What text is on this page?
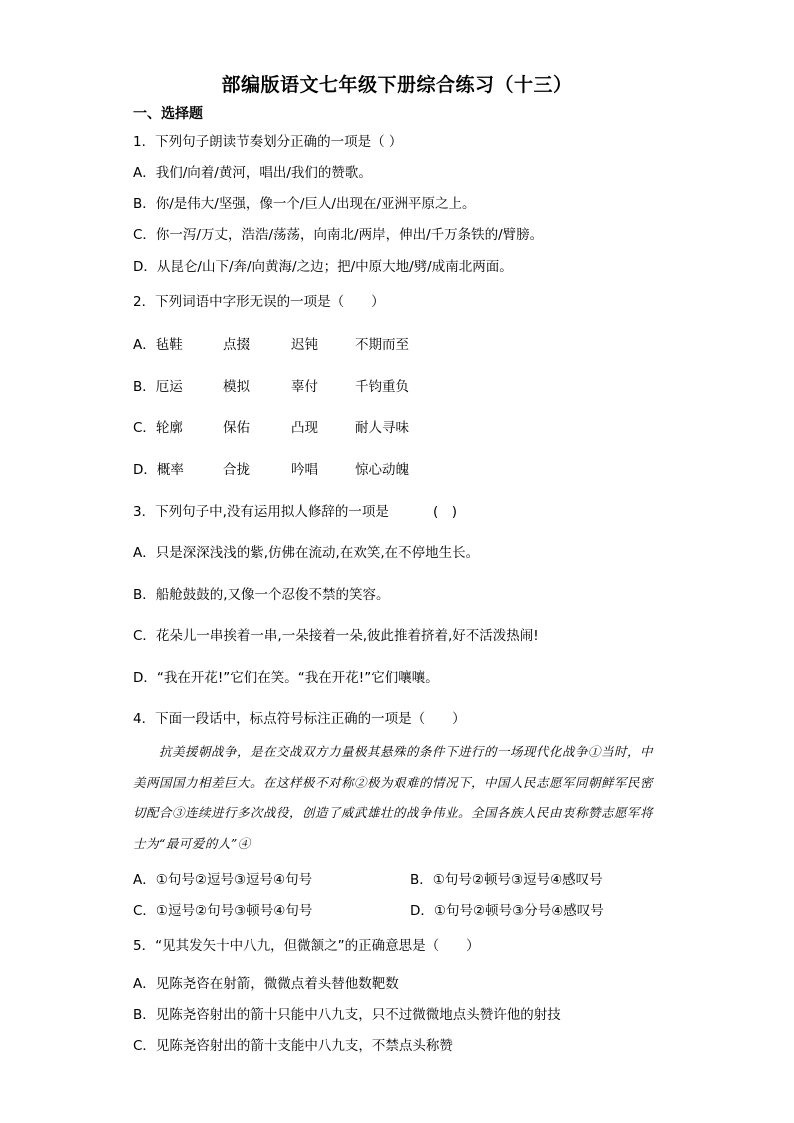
部编版语文七年级下册综合练习（十三）
一、选择题
1．下列句子朗读节奏划分正确的一项是（ ）
A．我们/向着/黄河，唱出/我们的赞歌。
B．你/是伟大/坚强，像一个/巨人/出现在/亚洲平原之上。
C．你一泻/万丈，浩浩/荡荡，向南北/两岸，伸出/千万条铁的/臂膀。
D．从昆仑/山下/奔/向黄海/之边；把/中原大地/劈/成南北两面。
2．下列词语中字形无误的一项是（　　）
A．毡鞋	点掇	迟钝	不期而至
B．厄运	模拟	辜付	千钧重负
C．轮廓	保佑	凸现	耐人寻味
D．概率	合拢	吟唱	惊心动魄
3．下列句子中,没有运用拟人修辞的一项是	(　)
A．只是深深浅浅的紫,仿佛在流动,在欢笑,在不停地生长。
B．船舱鼓鼓的,又像一个忍俊不禁的笑容。
C．花朵儿一串挨着一串,一朵接着一朵,彼此推着挤着,好不活泼热闹!
D．“我在开花!”它们在笑。“我在开花!”它们嚷嚷。
4．下面一段话中，标点符号标注正确的一项是（　　）

抗美援朝战争，是在交战双方力量极其悬殊的条件下进行的一场现代化战争①当时，中美两国国力相差巨大。在这样极不对称②极为艰难的情况下，中国人民志愿军同朝鲜军民密切配合③连续进行多次战役，创造了威武雄壮的战争伟业。全国各族人民由衷称赞志愿军将士为“最可爱的人”④

A．①句号②逗号③逗号④句号	B．①句号②顿号③逗号④感叹号
C．①逗号②句号③顿号④句号	D．①句号②顿号③分号④感叹号
5．“见其发矢十中八九，但微颔之”的正确意思是（　　）
A．见陈尧咨在射箭，微微点着头替他数靶数
B．见陈尧咨射出的箭十只能中八九支，只不过微微地点头赞许他的射技
C．见陈尧咨射出的箭十支能中八九支，不禁点头称赞
